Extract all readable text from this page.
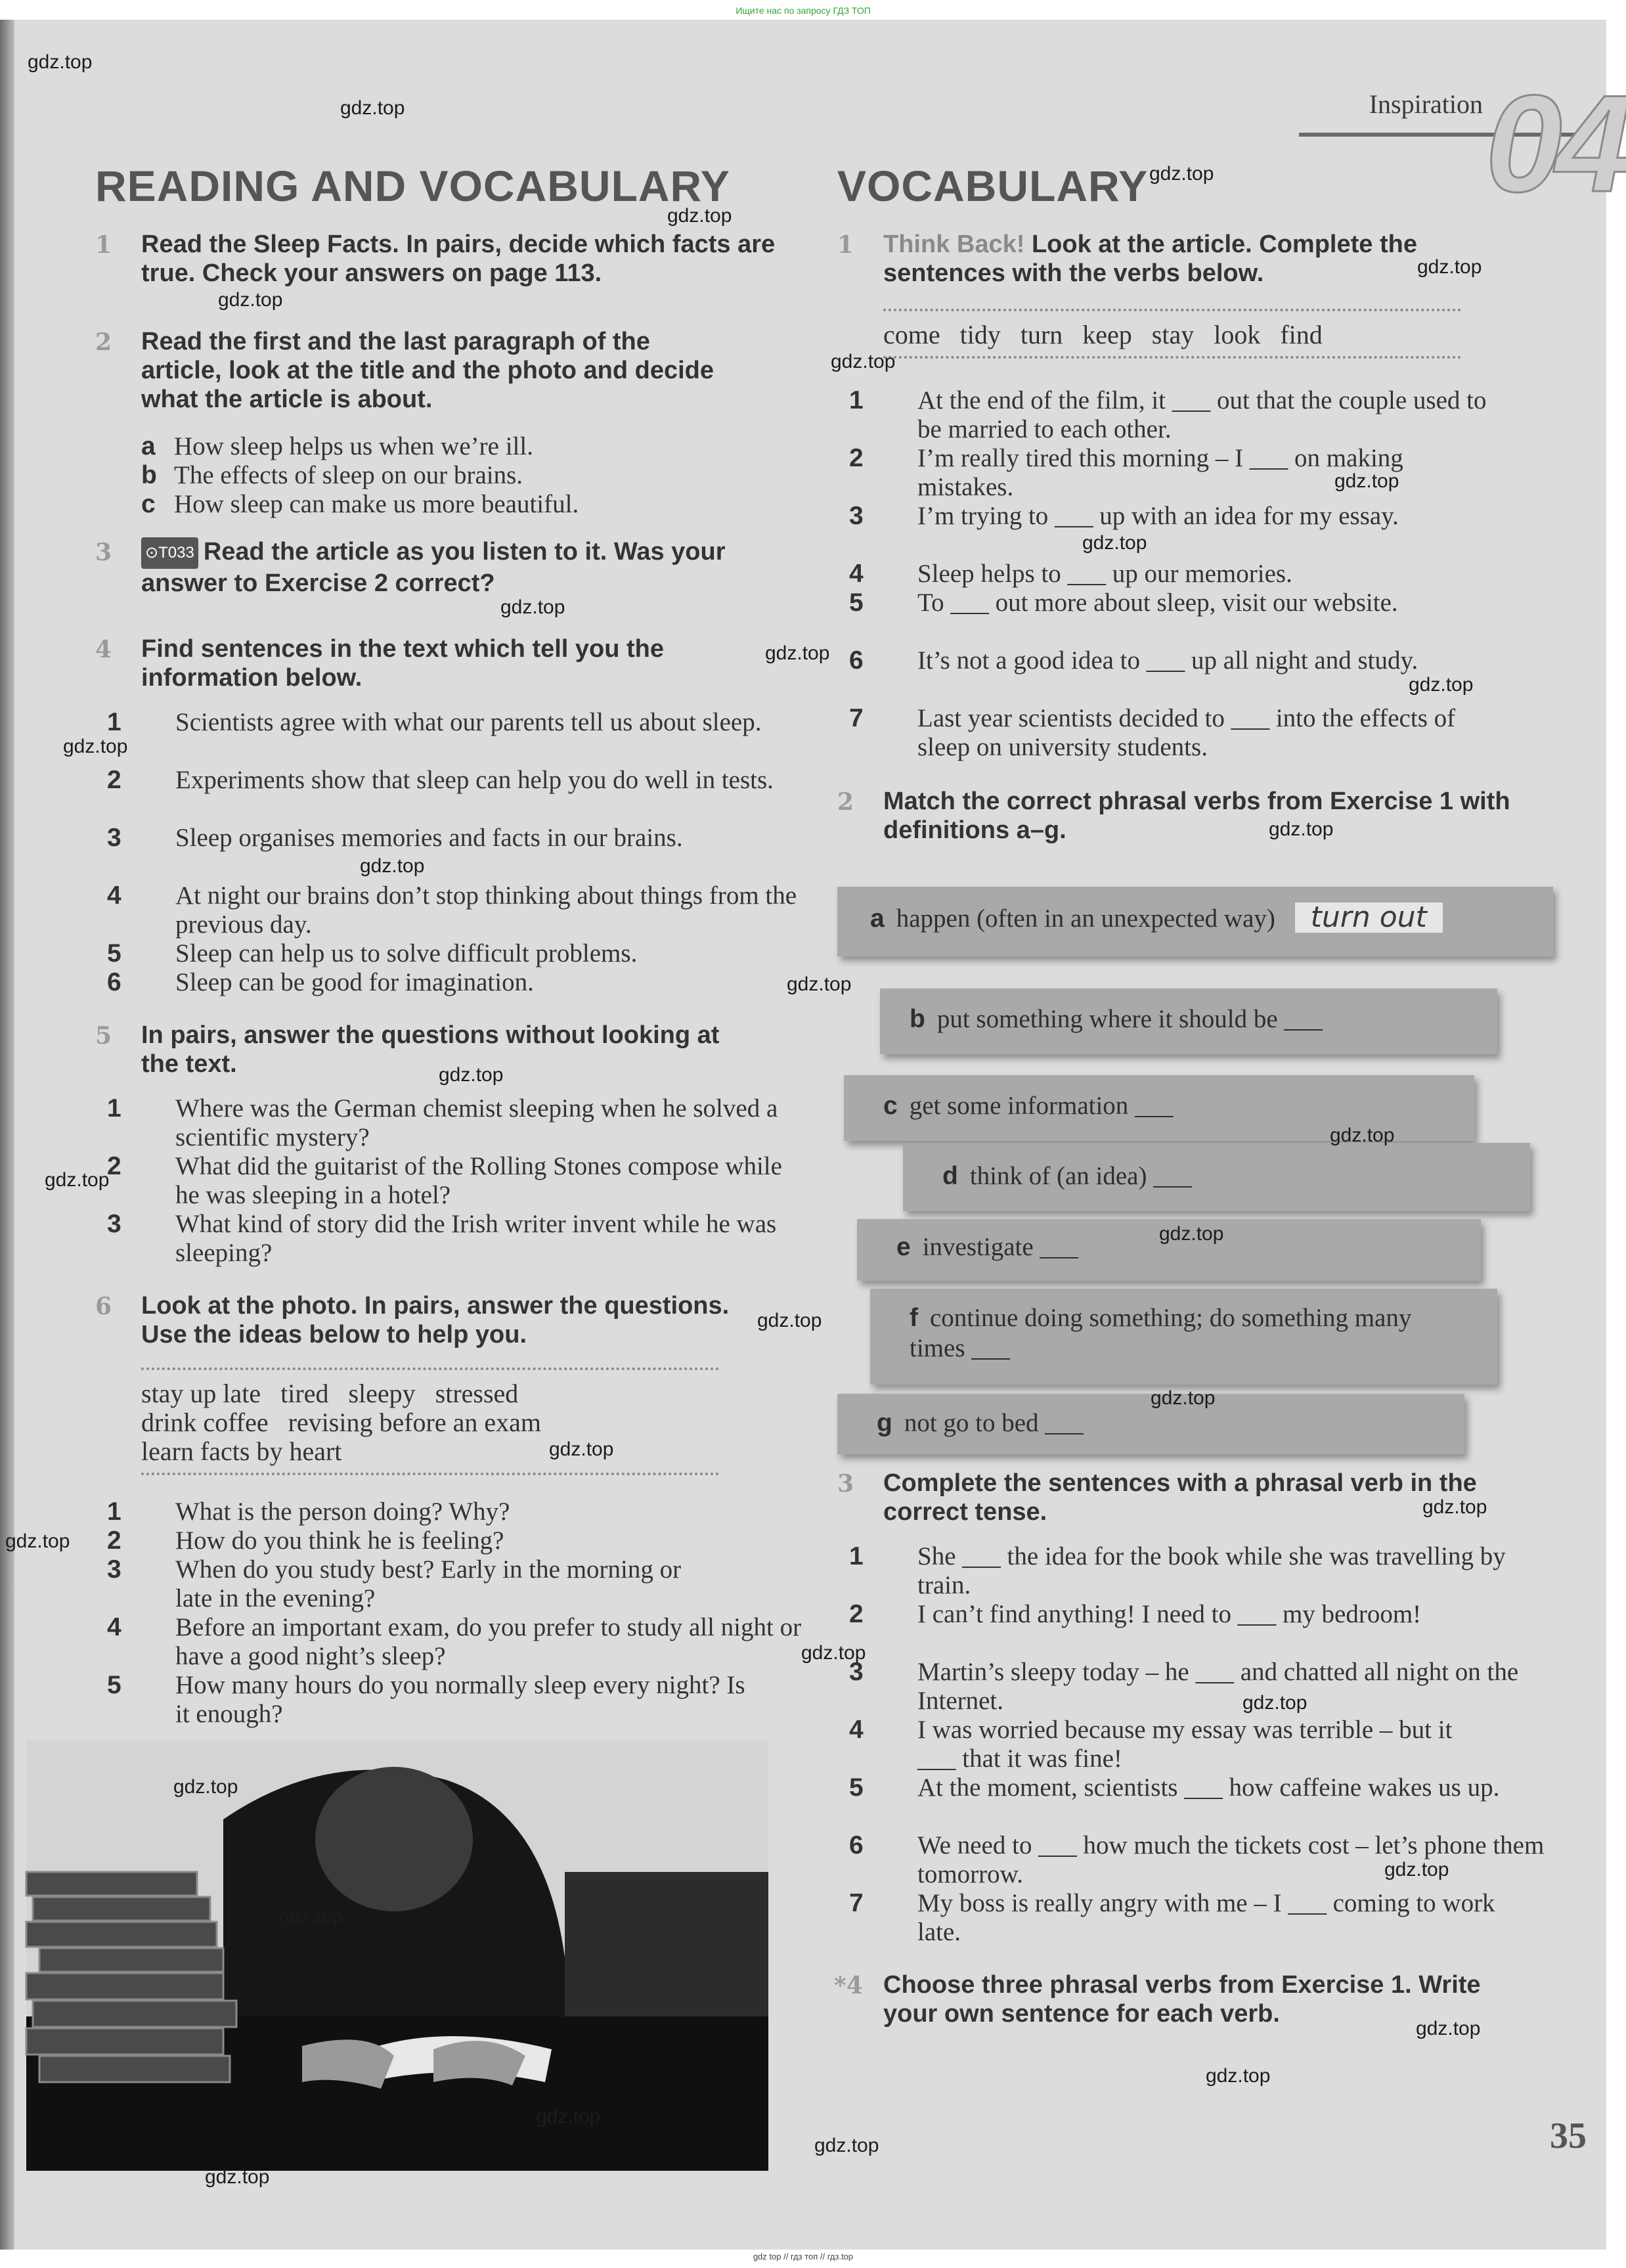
Ищите нас по запросу ГДЗ ТОП
Inspiration 04
READING AND VOCABULARY
1 Read the Sleep Facts. In pairs, decide which facts are true. Check your answers on page 113.
2 Read the first and the last paragraph of the article, look at the title and the photo and decide what the article is about.
a How sleep helps us when we’re ill.
b The effects of sleep on our brains.
c How sleep can make us more beautiful.
3 ⊙T033 Read the article as you listen to it. Was your answer to Exercise 2 correct?
4 Find sentences in the text which tell you the information below.
1 Scientists agree with what our parents tell us about sleep.
2 Experiments show that sleep can help you do well in tests.
3 Sleep organises memories and facts in our brains.
4 At night our brains don’t stop thinking about things from the previous day.
5 Sleep can help us to solve difficult problems.
6 Sleep can be good for imagination.
5 In pairs, answer the questions without looking at the text.
1 Where was the German chemist sleeping when he solved a scientific mystery?
2 What did the guitarist of the Rolling Stones compose while he was sleeping in a hotel?
3 What kind of story did the Irish writer invent while he was sleeping?
6 Look at the photo. In pairs, answer the questions. Use the ideas below to help you.
stay up late   tired   sleepy   stressed
drink coffee   revising before an exam
learn facts by heart
1 What is the person doing? Why?
2 How do you think he is feeling?
3 When do you study best? Early in the morning or late in the evening?
4 Before an important exam, do you prefer to study all night or have a good night’s sleep?
5 How many hours do you normally sleep every night? Is it enough?
VOCABULARY
1 Think Back! Look at the article. Complete the sentences with the verbs below.
come   tidy   turn   keep   stay   look   find
1 At the end of the film, it ___ out that the couple used to be married to each other.
2 I’m really tired this morning – I ___ on making mistakes.
3 I’m trying to ___ up with an idea for my essay.
4 Sleep helps to ___ up our memories.
5 To ___ out more about sleep, visit our website.
6 It’s not a good idea to ___ up all night and study.
7 Last year scientists decided to ___ into the effects of sleep on university students.
2 Match the correct phrasal verbs from Exercise 1 with definitions a–g.
a happen (often in an unexpected way) turn out
b put something where it should be ___
c get some information ___
d think of (an idea) ___
e investigate ___
f continue doing something; do something many times ___
g not go to bed ___
3 Complete the sentences with a phrasal verb in the correct tense.
1 She ___ the idea for the book while she was travelling by train.
2 I can’t find anything! I need to ___ my bedroom!
3 Martin’s sleepy today – he ___ and chatted all night on the Internet.
4 I was worried because my essay was terrible – but it ___ that it was fine!
5 At the moment, scientists ___ how caffeine wakes us up.
6 We need to ___ how much the tickets cost – let’s phone them tomorrow.
7 My boss is really angry with me – I ___ coming to work late.
*4 Choose three phrasal verbs from Exercise 1. Write your own sentence for each verb.
35
gdz.top
gdz.top
gdz.top
gdz.top
gdz.top
gdz.top
gdz.top
gdz.top
gdz.top
gdz.top
gdz.top
gdz.top
gdz.top
gdz.top
gdz.top
gdz.top
gdz.top
gdz.top
gdz.top
gdz.top
gdz.top
gdz.top
gdz.top
gdz.top
gdz.top
gdz.top
gdz.top
gdz.top
gdz.top
gdz.top
gdz.top
gdz.top
gdz.top
gdz.top
gdz.top
gdz top // гдз топ // гдз.top
